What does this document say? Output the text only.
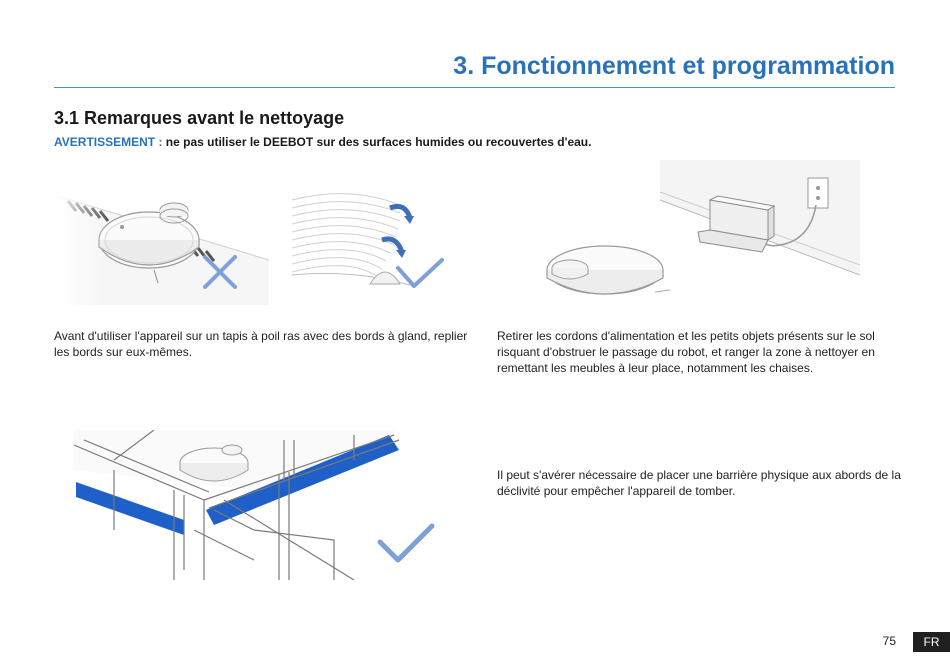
3. Fonctionnement et programmation
3.1 Remarques avant le nettoyage
AVERTISSEMENT : ne pas utiliser le DEEBOT sur des surfaces humides ou recouvertes d'eau.
Avant d'utiliser l'appareil sur un tapis à poil ras avec des bords à gland, replier les bords sur eux-mêmes.
Retirer les cordons d'alimentation et les petits objets présents sur le sol risquant d'obstruer le passage du robot, et ranger la zone à nettoyer en remettant les meubles à leur place, notamment les chaises.
Il peut s'avérer nécessaire de placer une barrière physique aux abords de la déclivité pour empêcher l'appareil de tomber.
75	FR
